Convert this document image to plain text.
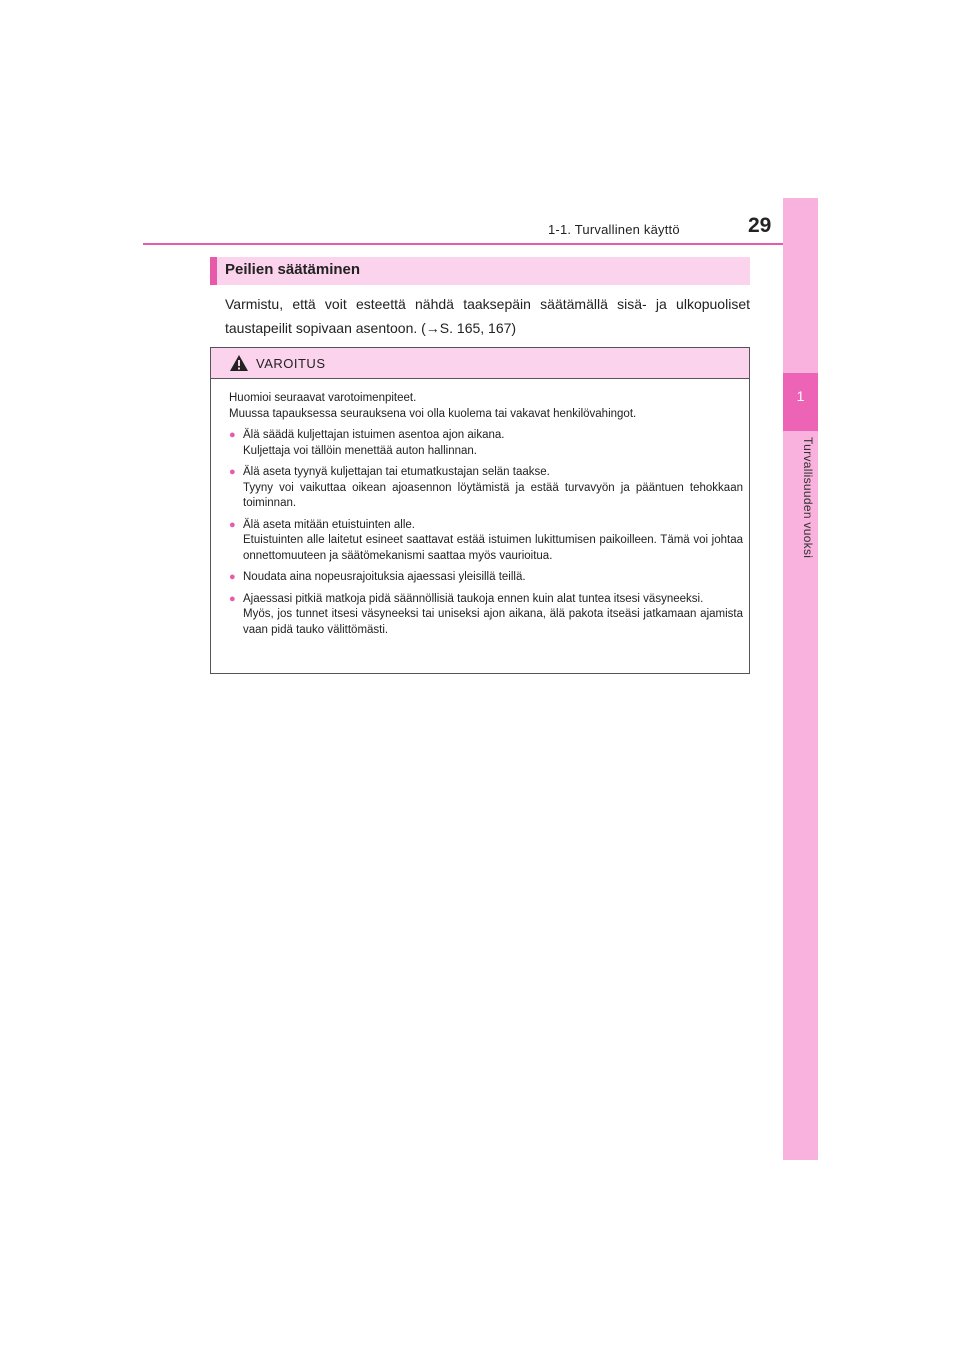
1-1. Turvallinen käyttö	29
1
Turvallisuuden vuoksi
Peilien säätäminen
Varmistu, että voit esteettä nähdä taaksepäin säätämällä sisä- ja ulkopuoliset taustapeilit sopivaan asentoon. (→S. 165, 167)
VAROITUS

Huomioi seuraavat varotoimenpiteet.

Muussa tapauksessa seurauksena voi olla kuolema tai vakavat henkilövahingot.

● Älä säädä kuljettajan istuimen asentoa ajon aikana.

Kuljettaja voi tällöin menettää auton hallinnan.

● Älä aseta tyynyä kuljettajan tai etumatkustajan selän taakse.

Tyyny voi vaikuttaa oikean ajoasennon löytämistä ja estää turvavyön ja pääntuen tehokkaan toiminnan.

● Älä aseta mitään etuistuinten alle.

Etuistuinten alle laitetut esineet saattavat estää istuimen lukittumisen paikoilleen. Tämä voi johtaa onnettomuuteen ja säätömekanismi saattaa myös vaurioitua.

● Noudata aina nopeusrajoituksia ajaessasi yleisillä teillä.

● Ajaessasi pitkiä matkoja pidä säännöllisiä taukoja ennen kuin alat tuntea itsesi väsyneeksi.

Myös, jos tunnet itsesi väsyneeksi tai uniseksi ajon aikana, älä pakota itseäsi jatkamaan ajamista vaan pidä tauko välittömästi.
